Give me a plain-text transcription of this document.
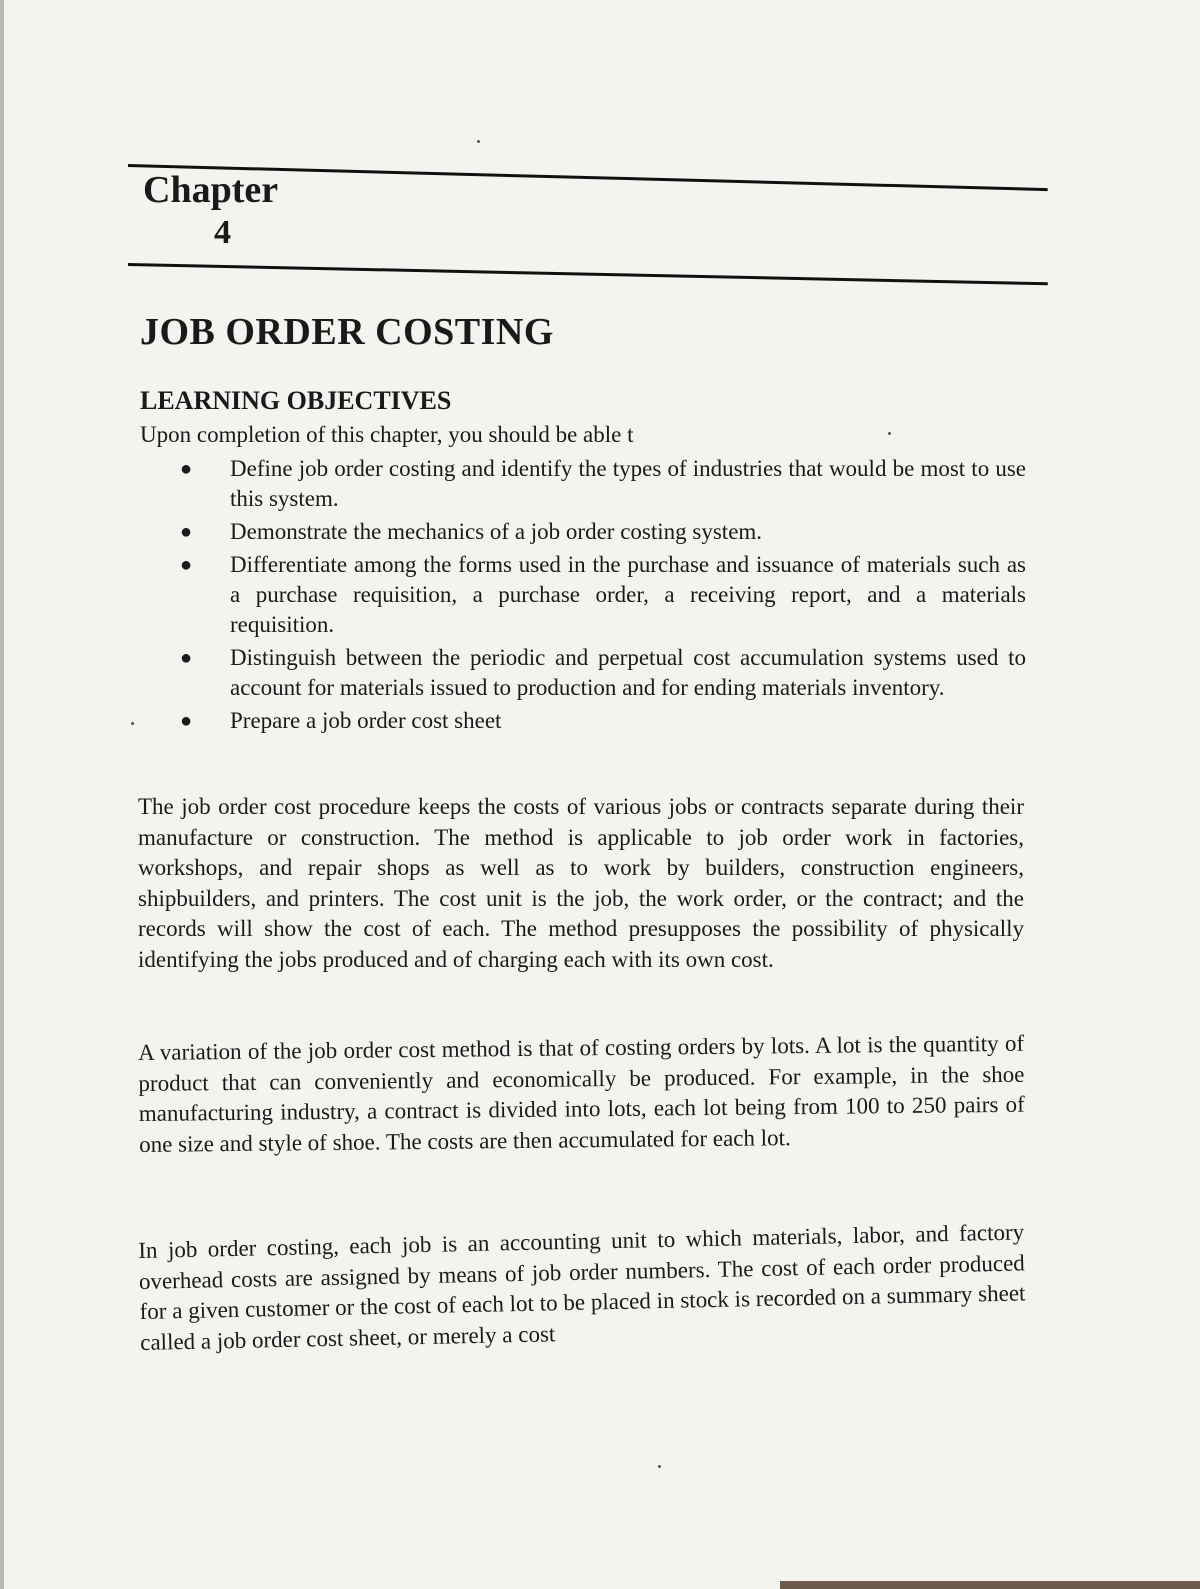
Chapter
4
JOB ORDER COSTING
LEARNING OBJECTIVES

Upon completion of this chapter, you should be able t

● Define job order costing and identify the types of industries that would be most to use this system.
● Demonstrate the mechanics of a job order costing system.
● Differentiate among the forms used in the purchase and issuance of materials such as a purchase requisition, a purchase order, a receiving report, and a materials requisition.
● Distinguish between the periodic and perpetual cost accumulation systems used to account for materials issued to production and for ending materials inventory.
● Prepare a job order cost sheet

The job order cost procedure keeps the costs of various jobs or contracts separate during their manufacture or construction. The method is applicable to job order work in factories, workshops, and repair shops as well as to work by builders, construction engineers, shipbuilders, and printers. The cost unit is the job, the work order, or the contract; and the records will show the cost of each. The method presupposes the possibility of physically identifying the jobs produced and of charging each with its own cost.

A variation of the job order cost method is that of costing orders by lots. A lot is the quantity of product that can conveniently and economically be produced. For example, in the shoe manufacturing industry, a contract is divided into lots, each lot being from 100 to 250 pairs of one size and style of shoe. The costs are then accumulated for each lot.

In job order costing, each job is an accounting unit to which materials, labor, and factory overhead costs are assigned by means of job order numbers. The cost of each order produced for a given customer or the cost of each lot to be placed in stock is recorded on a summary sheet called a job order cost sheet, or merely a cost
